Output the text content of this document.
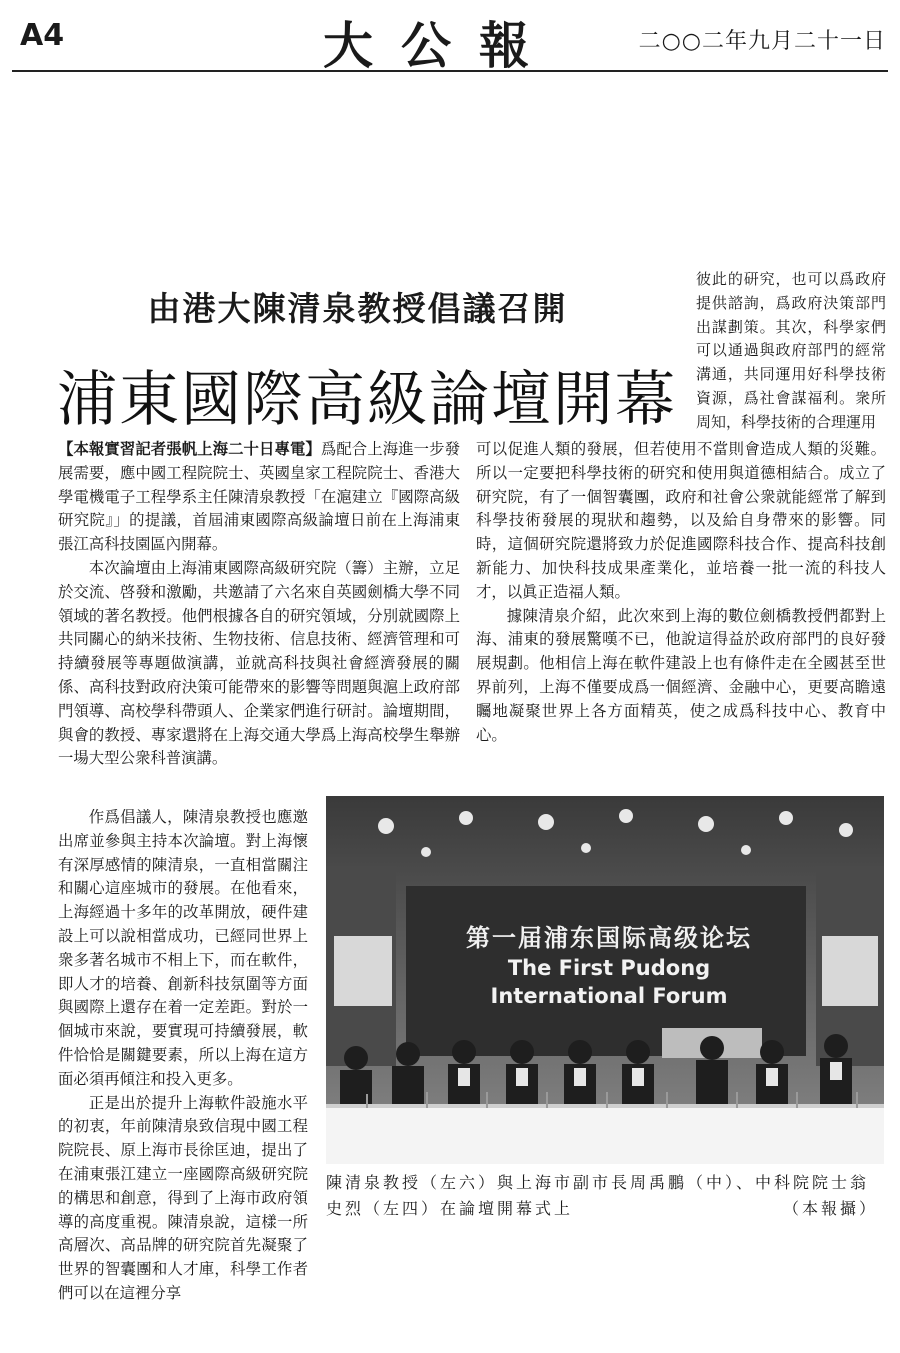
A4	大公報	二○○二年九月二十一日
由港大陳清泉教授倡議召開
浦東國際高級論壇開幕

彼此的研究，也可以爲政府提供諮詢，爲政府決策部門出謀劃策。其次，科學家們可以通過與政府部門的經常溝通，共同運用好科學技術資源，爲社會謀福利。衆所周知，科學技術的合理運用

【本報實習記者張帆上海二十日專電】爲配合上海進一步發展需要，應中國工程院院士、英國皇家工程院院士、香港大學電機電子工程學系主任陳清泉教授「在滬建立『國際高級研究院』」的提議，首屆浦東國際高級論壇日前在上海浦東張江高科技園區內開幕。

本次論壇由上海浦東國際高級研究院（籌）主辦，立足於交流、啓發和激勵，共邀請了六名來自英國劍橋大學不同領域的著名教授。他們根據各自的研究領域，分別就國際上共同關心的納米技術、生物技術、信息技術、經濟管理和可持續發展等專題做演講，並就高科技與社會經濟發展的關係、高科技對政府決策可能帶來的影響等問題與滬上政府部門領導、高校學科帶頭人、企業家們進行研討。論壇期間，與會的教授、專家還將在上海交通大學爲上海高校學生舉辦一場大型公衆科普演講。

可以促進人類的發展，但若使用不當則會造成人類的災難。所以一定要把科學技術的研究和使用與道德相結合。成立了研究院，有了一個智囊團，政府和社會公衆就能經常了解到科學技術發展的現狀和趨勢，以及給自身帶來的影響。同時，這個研究院還將致力於促進國際科技合作、提高科技創新能力、加快科技成果產業化，並培養一批一流的科技人才，以眞正造福人類。

據陳清泉介紹，此次來到上海的數位劍橋教授們都對上海、浦東的發展驚嘆不已，他說這得益於政府部門的良好發展規劃。他相信上海在軟件建設上也有條件走在全國甚至世界前列，上海不僅要成爲一個經濟、金融中心，更要高瞻遠矚地凝聚世界上各方面精英，使之成爲科技中心、教育中心。

作爲倡議人，陳清泉教授也應邀出席並參與主持本次論壇。對上海懷有深厚感情的陳清泉，一直相當關注和關心這座城市的發展。在他看來，上海經過十多年的改革開放，硬件建設上可以說相當成功，已經同世界上衆多著名城市不相上下，而在軟件，即人才的培養、創新科技氛圍等方面與國際上還存在着一定差距。對於一個城市來說，要實現可持續發展，軟件恰恰是關鍵要素，所以上海在這方面必須再傾注和投入更多。

正是出於提升上海軟件設施水平的初衷，年前陳清泉致信現中國工程院院長、原上海市長徐匡迪，提出了在浦東張江建立一座國際高級研究院的構思和創意，得到了上海市政府領導的高度重視。陳清泉說，這樣一所高層次、高品牌的研究院首先凝聚了世界的智囊團和人才庫，科學工作者們可以在這裡分享

第一届浦东国际高级论坛
The First Pudong
International Forum
陳清泉教授（左六）與上海市副市長周禹鵬（中）、中科院院士翁史烈（左四）在論壇開幕式上	（本報攝）
